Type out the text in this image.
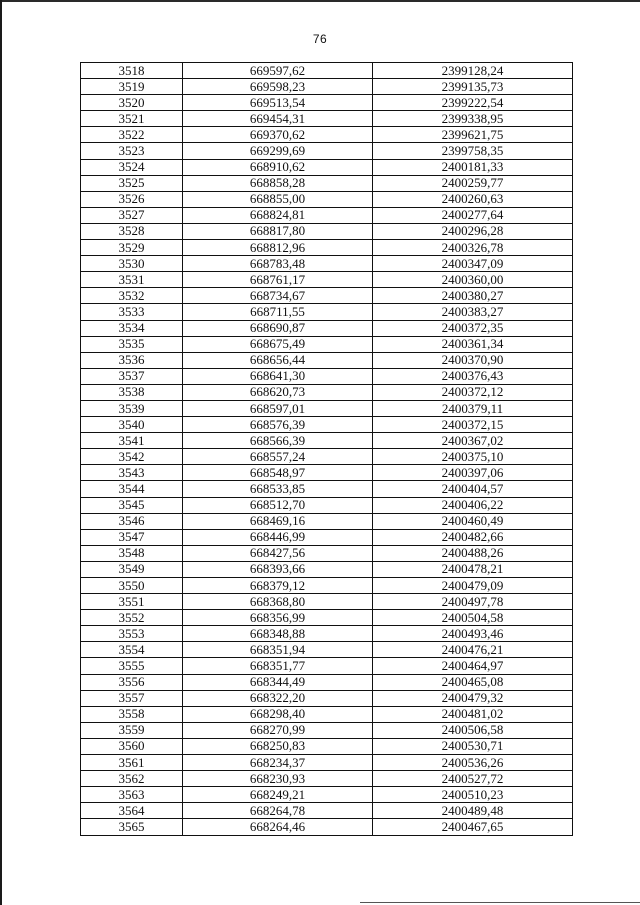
76
3518	669597,62	2399128,24
3519	669598,23	2399135,73
3520	669513,54	2399222,54
3521	669454,31	2399338,95
3522	669370,62	2399621,75
3523	669299,69	2399758,35
3524	668910,62	2400181,33
3525	668858,28	2400259,77
3526	668855,00	2400260,63
3527	668824,81	2400277,64
3528	668817,80	2400296,28
3529	668812,96	2400326,78
3530	668783,48	2400347,09
3531	668761,17	2400360,00
3532	668734,67	2400380,27
3533	668711,55	2400383,27
3534	668690,87	2400372,35
3535	668675,49	2400361,34
3536	668656,44	2400370,90
3537	668641,30	2400376,43
3538	668620,73	2400372,12
3539	668597,01	2400379,11
3540	668576,39	2400372,15
3541	668566,39	2400367,02
3542	668557,24	2400375,10
3543	668548,97	2400397,06
3544	668533,85	2400404,57
3545	668512,70	2400406,22
3546	668469,16	2400460,49
3547	668446,99	2400482,66
3548	668427,56	2400488,26
3549	668393,66	2400478,21
3550	668379,12	2400479,09
3551	668368,80	2400497,78
3552	668356,99	2400504,58
3553	668348,88	2400493,46
3554	668351,94	2400476,21
3555	668351,77	2400464,97
3556	668344,49	2400465,08
3557	668322,20	2400479,32
3558	668298,40	2400481,02
3559	668270,99	2400506,58
3560	668250,83	2400530,71
3561	668234,37	2400536,26
3562	668230,93	2400527,72
3563	668249,21	2400510,23
3564	668264,78	2400489,48
3565	668264,46	2400467,65
